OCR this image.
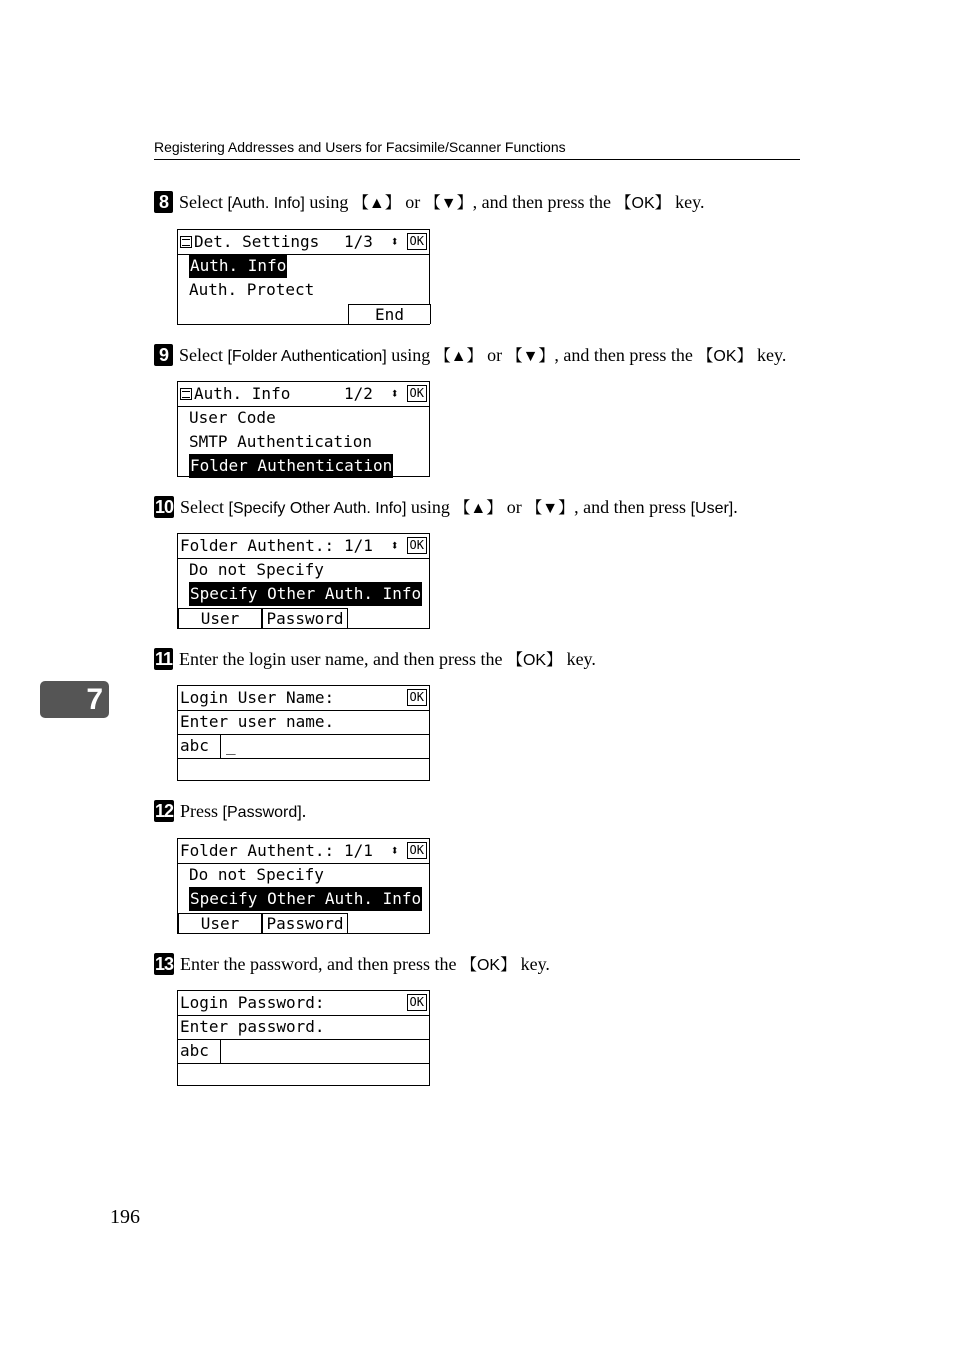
Registering Addresses and Users for Facsimile/Scanner Functions
8 Select [Auth. Info] using 【▲】 or 【▼】, and then press the 【OK】 key.
Det. Settings 1/3 ⬍ OK
Auth. Info
Auth. Protect
End
9 Select [Folder Authentication] using 【▲】 or 【▼】, and then press the 【OK】 key.
Auth. Info	1/2 ⬍ OK
User Code
SMTP Authentication
Folder Authentication
10 Select [Specify Other Auth. Info] using 【▲】 or 【▼】, and then press [User].
Folder Authent.: 1/1 ⬍ OK
Do not Specify
Specify Other Auth. Info
User	Password
11 Enter the login user name, and then press the 【OK】 key.
Login User Name:	OK
Enter user name.
abc	_
12 Press [Password].
Folder Authent.: 1/1 ⬍ OK
Do not Specify
Specify Other Auth. Info
User	Password
13 Enter the password, and then press the 【OK】 key.
Login Password:	OK
Enter password.
abc
7
196
